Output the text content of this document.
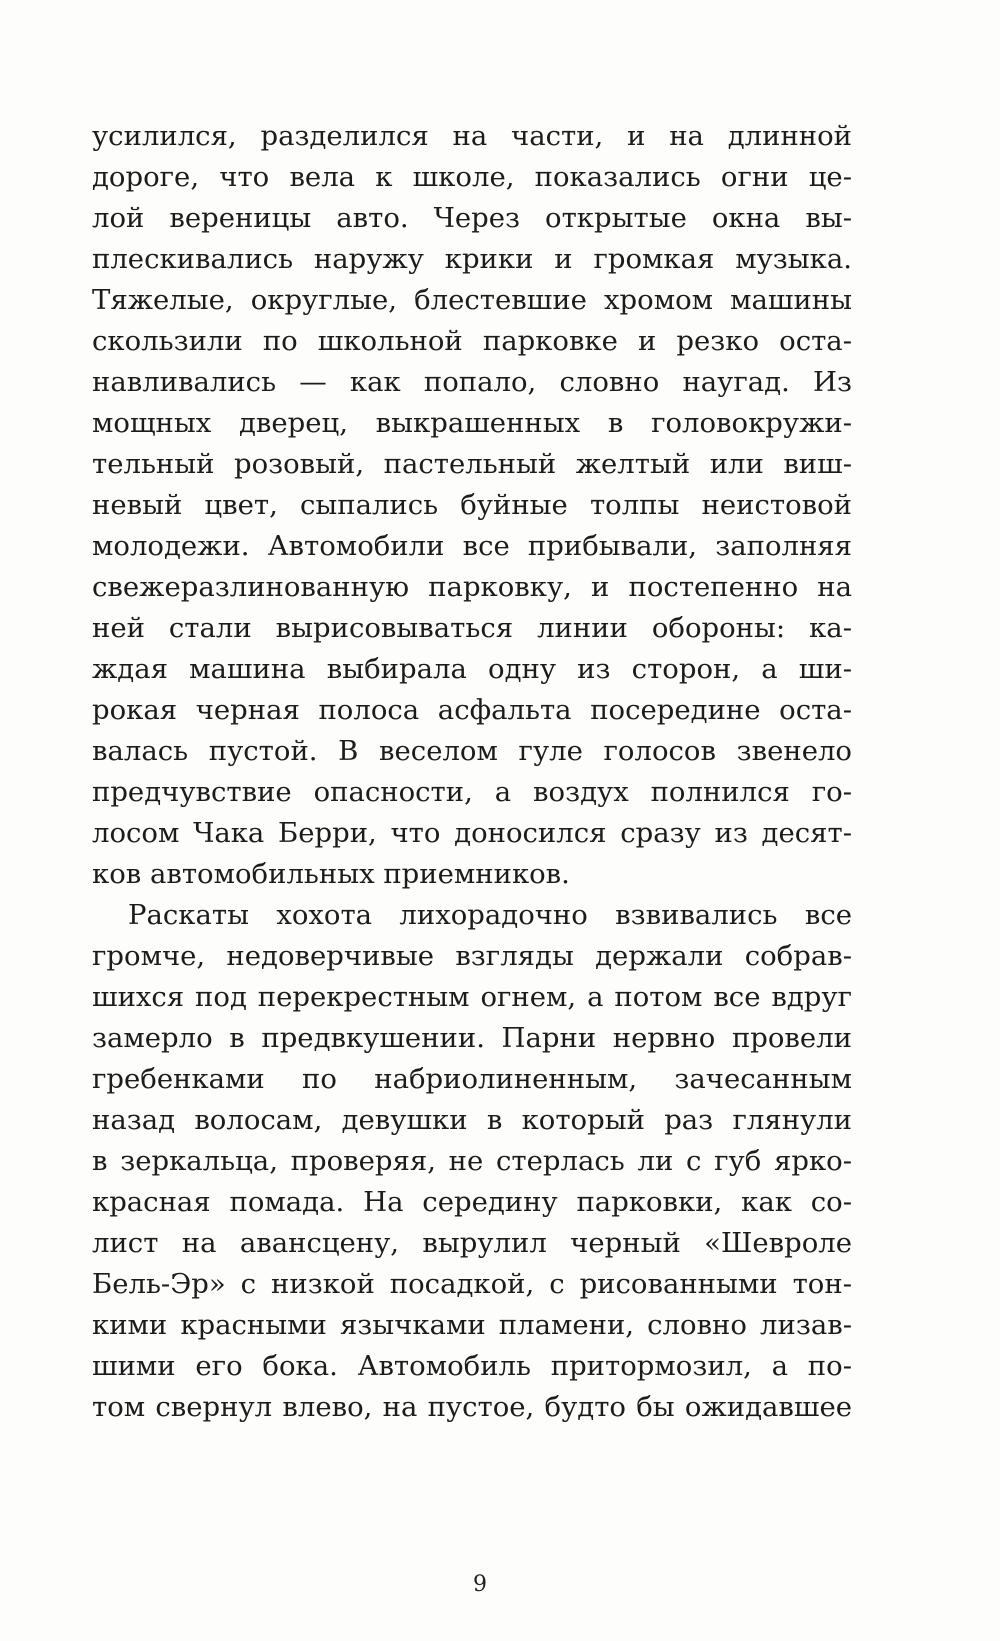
усилился, разделился на части, и на длинной
дороге, что вела к школе, показались огни це-
лой вереницы авто. Через открытые окна вы-
плескивались наружу крики и громкая музыка.
Тяжелые, округлые, блестевшие хромом машины
скользили по школьной парковке и резко оста-
навливались — как попало, словно наугад. Из
мощных дверец, выкрашенных в головокружи-
тельный розовый, пастельный желтый или виш-
невый цвет, сыпались буйные толпы неистовой
молодежи. Автомобили все прибывали, заполняя
свежеразлинованную парковку, и постепенно на
ней стали вырисовываться линии обороны: ка-
ждая машина выбирала одну из сторон, а ши-
рокая черная полоса асфальта посередине оста-
валась пустой. В веселом гуле голосов звенело
предчувствие опасности, а воздух полнился го-
лосом Чака Берри, что доносился сразу из десят-
ков автомобильных приемников.
Раскаты хохота лихорадочно взвивались все
громче, недоверчивые взгляды держали собрав-
шихся под перекрестным огнем, а потом все вдруг
замерло в предвкушении. Парни нервно провели
гребенками по набриолиненным, зачесанным
назад волосам, девушки в который раз глянули
в зеркальца, проверяя, не стерлась ли с губ ярко-
красная помада. На середину парковки, как со-
лист на авансцену, вырулил черный «Шевроле
Бель-Эр» с низкой посадкой, с рисованными тон-
кими красными язычками пламени, словно лизав-
шими его бока. Автомобиль притормозил, а по-
том свернул влево, на пустое, будто бы ожидавшее
9
